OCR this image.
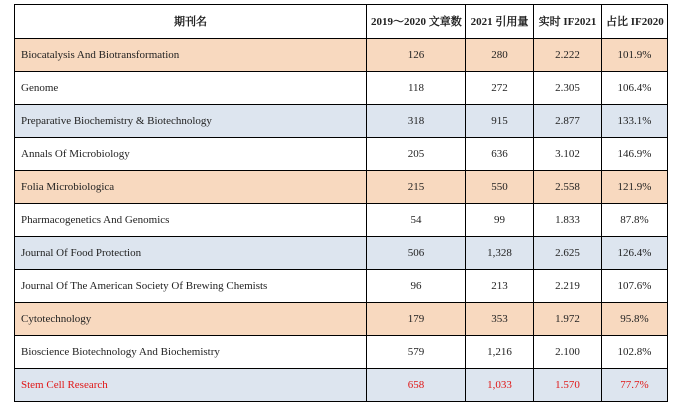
期刊名	2019～2020 文章数	2021 引用量	实时 IF2021	占比 IF2020
Biocatalysis And Biotransformation	126	280	2.222	101.9%
Genome	118	272	2.305	106.4%
Preparative Biochemistry & Biotechnology	318	915	2.877	133.1%
Annals Of Microbiology	205	636	3.102	146.9%
Folia Microbiologica	215	550	2.558	121.9%
Pharmacogenetics And Genomics	54	99	1.833	87.8%
Journal Of Food Protection	506	1,328	2.625	126.4%
Journal Of The American Society Of Brewing Chemists	96	213	2.219	107.6%
Cytotechnology	179	353	1.972	95.8%
Bioscience Biotechnology And Biochemistry	579	1,216	2.100	102.8%
Stem Cell Research	658	1,033	1.570	77.7%
